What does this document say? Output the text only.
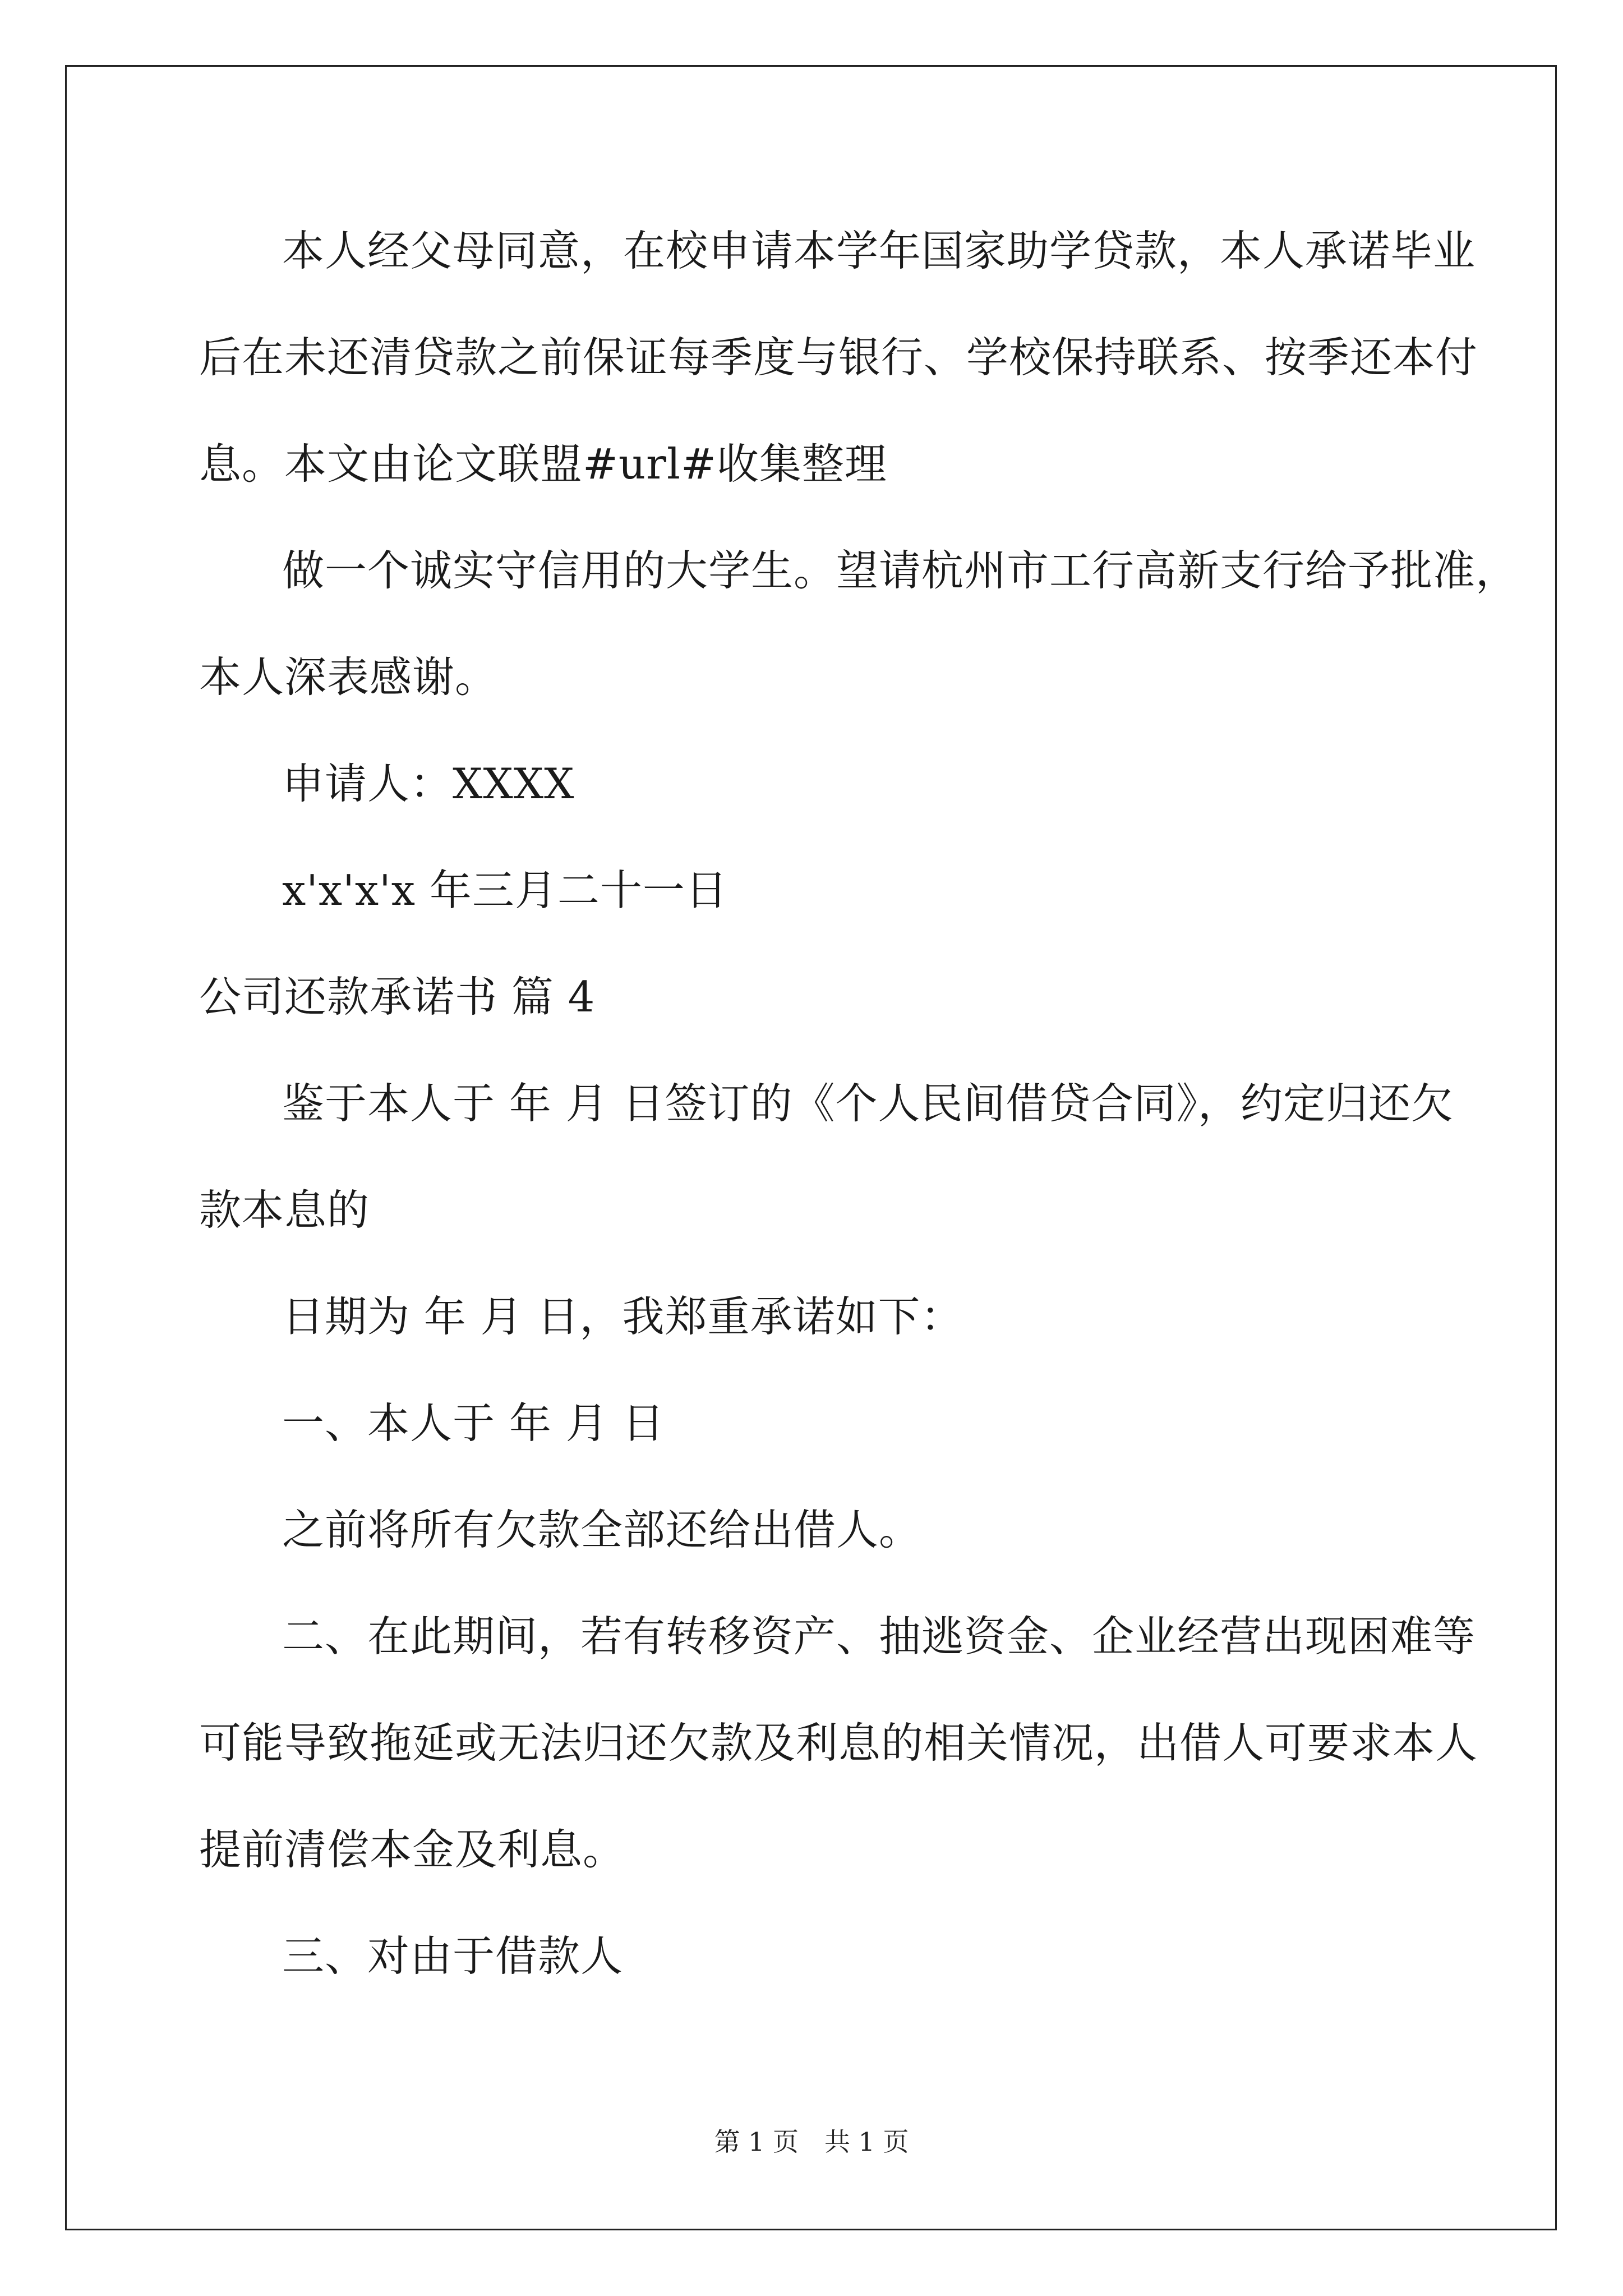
本人经父母同意，在校申请本学年国家助学贷款，本人承诺毕业
后在未还清贷款之前保证每季度与银行、学校保持联系、按季还本付
息。本文由论文联盟#url#收集整理
做一个诚实守信用的大学生。望请杭州市工行高新支行给予批准，
本人深表感谢。
申请人：XXXX
x'x'x'x 年三月二十一日
公司还款承诺书 篇 4
鉴于本人于 年 月 日签订的《个人民间借贷合同》，约定归还欠
款本息的
日期为 年 月 日，我郑重承诺如下：
一、本人于 年 月 日
之前将所有欠款全部还给出借人。
二、在此期间，若有转移资产、抽逃资金、企业经营出现困难等
可能导致拖延或无法归还欠款及利息的相关情况，出借人可要求本人
提前清偿本金及利息。
三、对由于借款人
第 1 页　共 1 页
